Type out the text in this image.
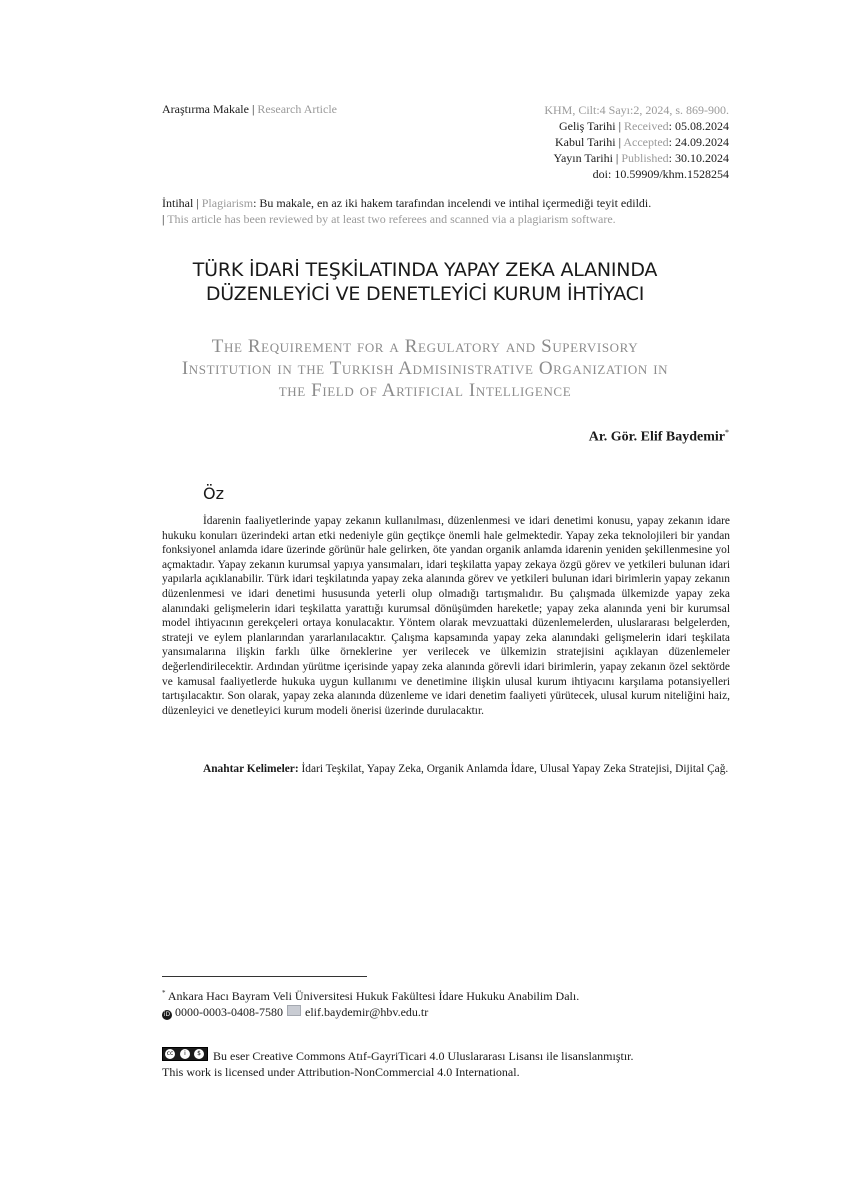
Araştırma Makale | Research Article	KHM, Cilt:4 Sayı:2, 2024, s. 869-900.
Geliş Tarihi | Received: 05.08.2024
Kabul Tarihi | Accepted: 24.09.2024
Yayın Tarihi | Published: 30.10.2024
doi: 10.59909/khm.1528254
İntihal | Plagiarism: Bu makale, en az iki hakem tarafından incelendi ve intihal içermediği teyit edildi.
| This article has been reviewed by at least two referees and scanned via a plagiarism software.
TÜRK İDARİ TEŞKİLATINDA YAPAY ZEKA ALANINDA
DÜZENLEYİCİ VE DENETLEYİCİ KURUM İHTİYACI
The Requirement for a Regulatory and Supervisory
Institution in the Turkish Admisinistrative Organization in
the Field of Artificial Intelligence
Ar. Gör. Elif Baydemir*
Öz
İdarenin faaliyetlerinde yapay zekanın kullanılması, düzenlenmesi ve idari denetimi konusu, yapay zekanın idare hukuku konuları üzerindeki artan etki nedeniyle gün geçtikçe önemli hale gelmektedir. Yapay zeka teknolojileri bir yandan fonksiyonel anlamda idare üzerinde görünür hale gelirken, öte yandan organik anlamda idarenin yeniden şekillenmesine yol açmaktadır. Yapay zekanın kurumsal yapıya yansımaları, idari teşkilatta yapay zekaya özgü görev ve yetkileri bulunan idari yapılarla açıklanabilir. Türk idari teşkilatında yapay zeka alanında görev ve yetkileri bulunan idari birimlerin yapay zekanın düzenlenmesi ve idari denetimi hususunda yeterli olup olmadığı tartışmalıdır. Bu çalışmada ülkemizde yapay zeka alanındaki gelişmelerin idari teşkilatta yarattığı kurumsal dönüşümden hareketle; yapay zeka alanında yeni bir kurumsal model ihtiyacının gerekçeleri ortaya konulacaktır. Yöntem olarak mevzuattaki düzenlemelerden, uluslararası belgelerden, strateji ve eylem planlarından yararlanılacaktır. Çalışma kapsamında yapay zeka alanındaki gelişmelerin idari teşkilata yansımalarına ilişkin farklı ülke örneklerine yer verilecek ve ülkemizin stratejisini açıklayan düzenlemeler değerlendirilecektir. Ardından yürütme içerisinde yapay zeka alanında görevli idari birimlerin, yapay zekanın özel sektörde ve kamusal faaliyetlerde hukuka uygun kullanımı ve denetimine ilişkin ulusal kurum ihtiyacını karşılama potansiyelleri tartışılacaktır. Son olarak, yapay zeka alanında düzenleme ve idari denetim faaliyeti yürütecek, ulusal kurum niteliğini haiz, düzenleyici ve denetleyici kurum modeli önerisi üzerinde durulacaktır.
Anahtar Kelimeler: İdari Teşkilat, Yapay Zeka, Organik Anlamda İdare, Ulusal Yapay Zeka Stratejisi, Dijital Çağ.
* Ankara Hacı Bayram Veli Üniversitesi Hukuk Fakültesi İdare Hukuku Anabilim Dalı.
iD 0000-0003-0408-7580 elif.baydemir@hbv.edu.tr
cc	i	$ Bu eser Creative Commons Atıf-GayriTicari 4.0 Uluslararası Lisansı ile lisanslanmıştır.
This work is licensed under Attribution-NonCommercial 4.0 International.
